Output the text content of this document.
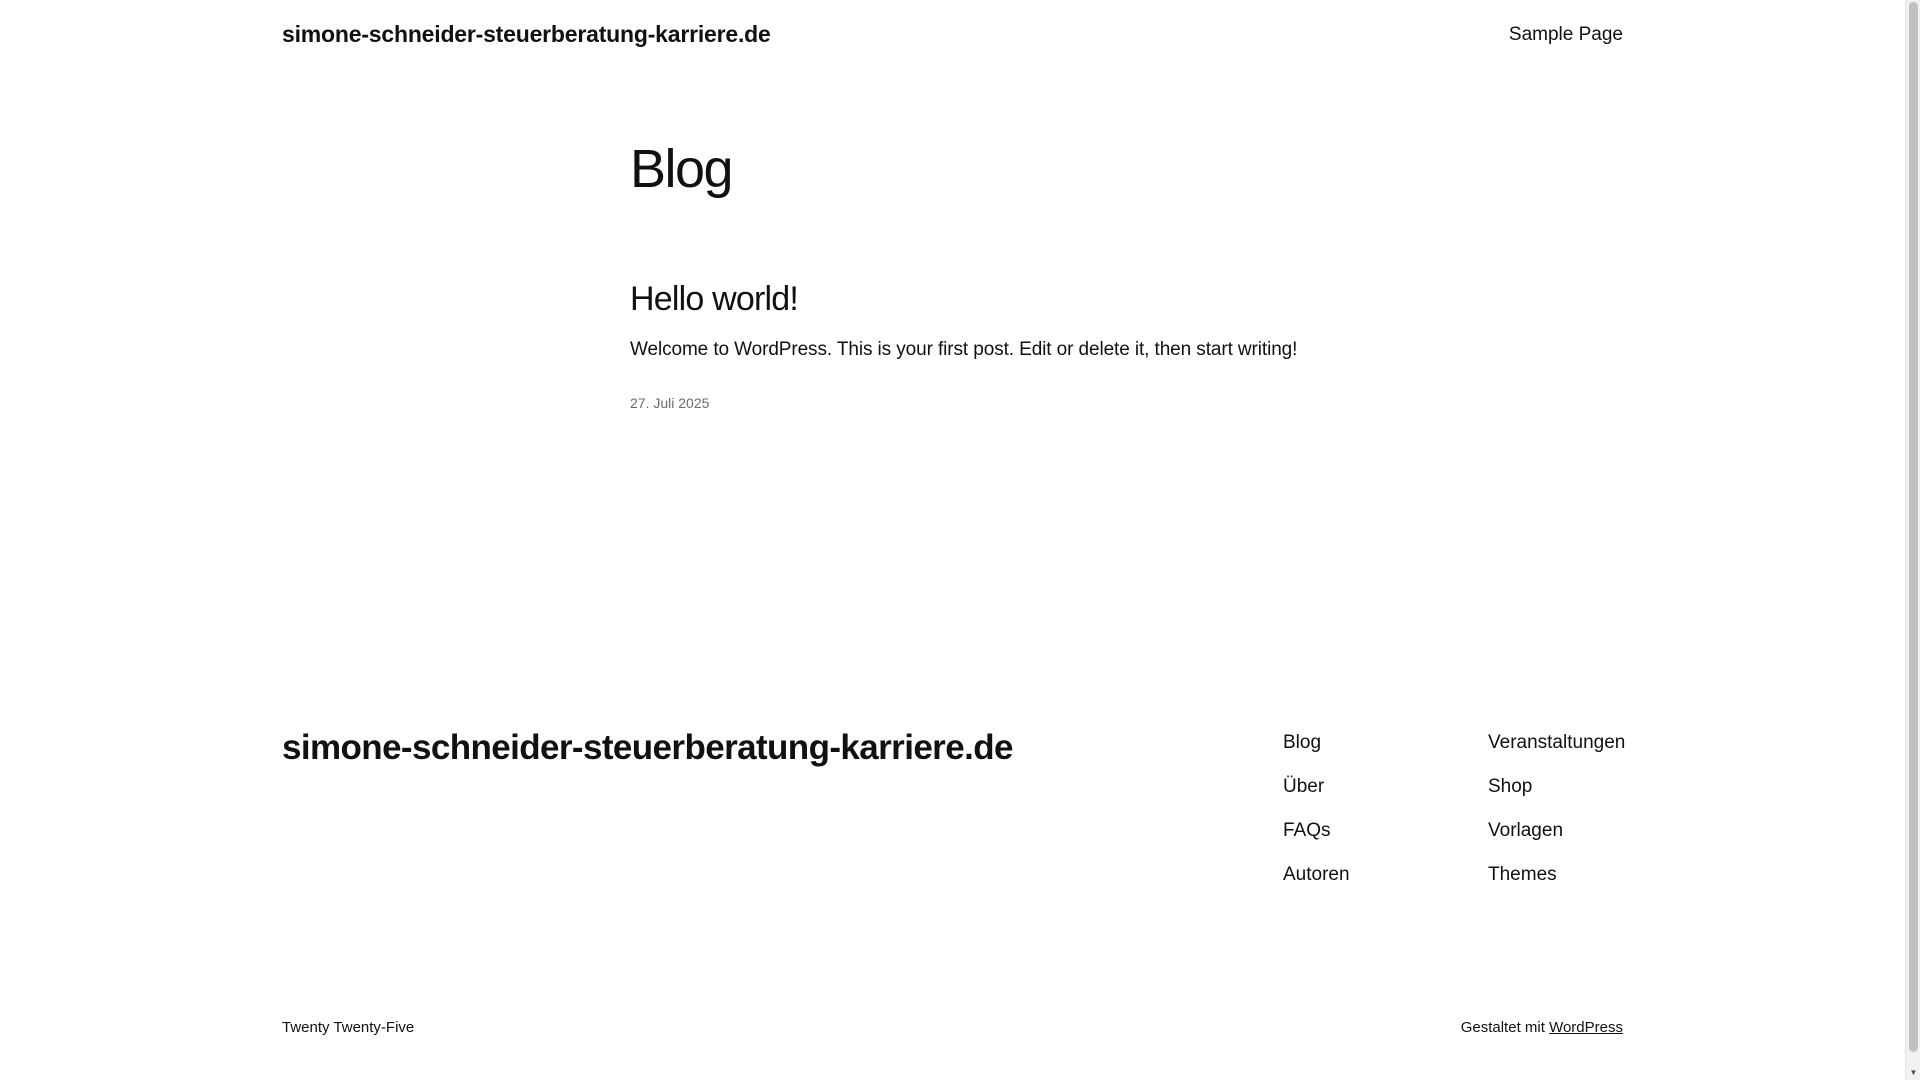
simone-schneider-steuerberatung-karriere.de	Sample Page
Blog
Hello world!

Welcome to WordPress. This is your first post. Edit or delete it, then start writing!

27. Juli 2025
simone-schneider-steuerberatung-karriere.de	Blog
Über
FAQs
Autoren
Veranstaltungen
Shop
Vorlagen
Themes
Twenty Twenty-Five	Gestaltet mit WordPress
▼
